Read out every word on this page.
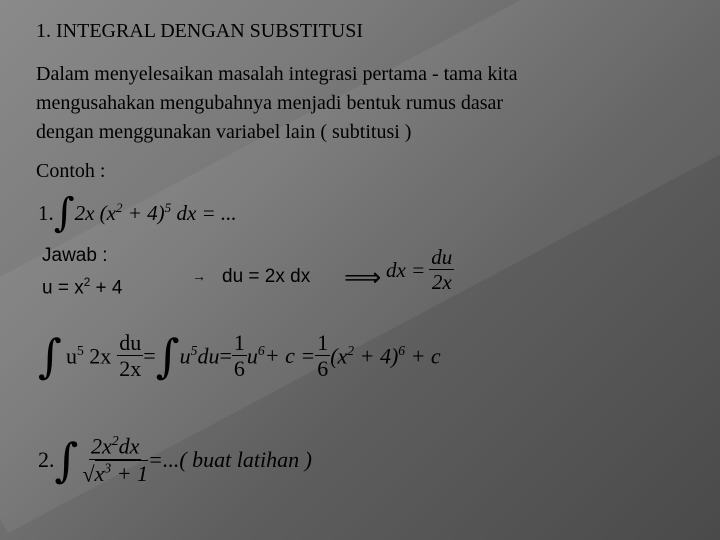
1. INTEGRAL DENGAN SUBSTITUSI
Dalam menyelesaikan masalah integrasi pertama - tama kita
mengusahakan mengubahnya menjadi bentuk rumus dasar
dengan menggunakan variabel lain ( subtitusi )
Contoh :
1. ∫ 2x $(x^2 + 4)^5$ dx = ...
Jawab :
$u = x^2 + 4$
→ du = 2x dx ⟹ dx = $\frac{du}{2x}$
∫ $u^5$ $2x \frac{du}{2x}$ = ∫ $u^5du = \frac{1}{6} u^6 + c = \frac{1}{6} (x^2 + 4)^6 + c$
2. ∫ $\frac{2x^2dx}{√x^3 + 1}$ =...( buat latihan )
